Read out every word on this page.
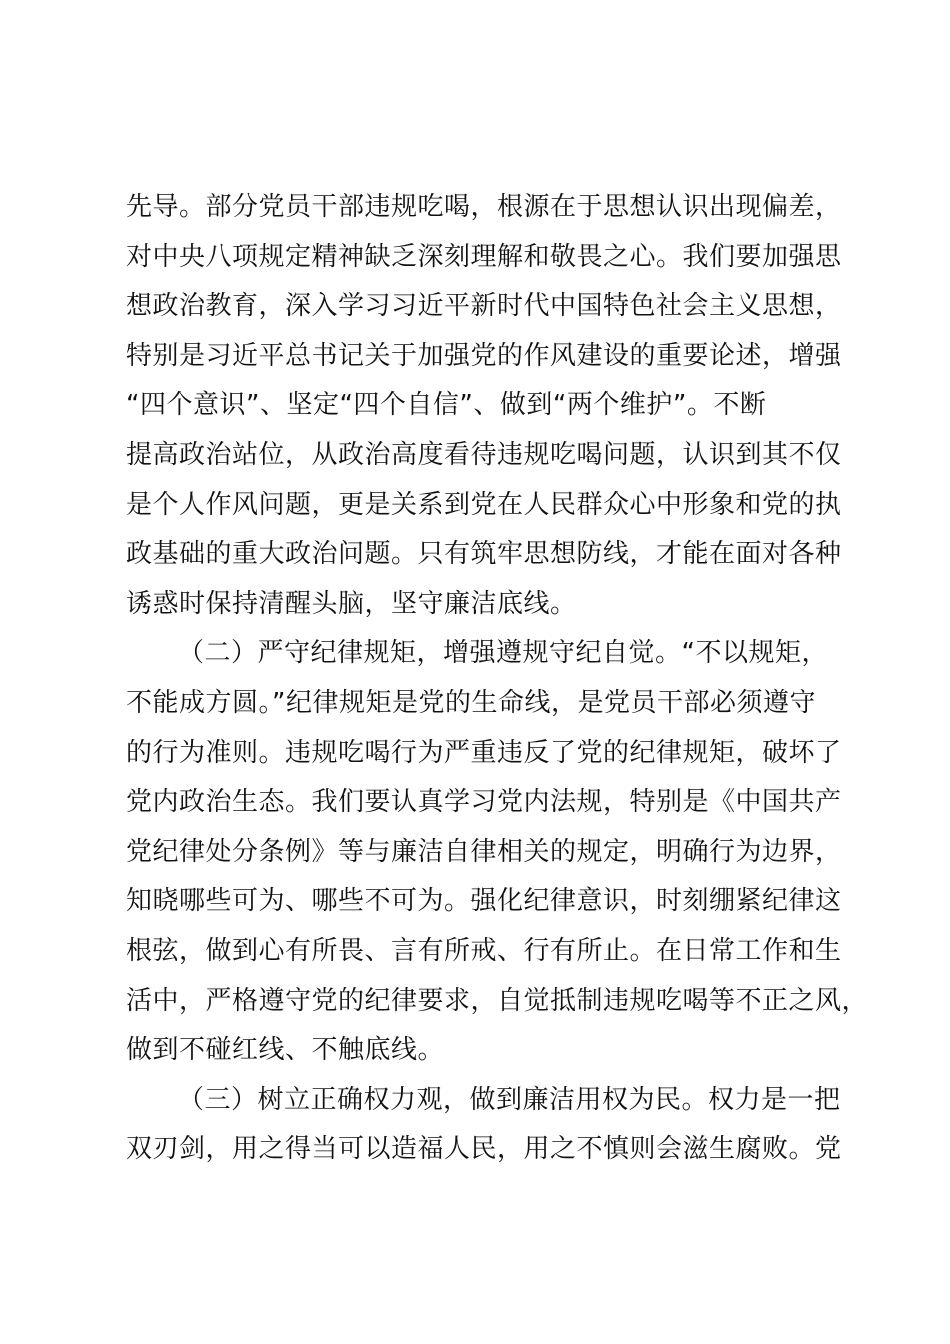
先导。部分党员干部违规吃喝，根源在于思想认识出现偏差，
对中央八项规定精神缺乏深刻理解和敬畏之心。我们要加强思
想政治教育，深入学习习近平新时代中国特色社会主义思想，
特别是习近平总书记关于加强党的作风建设的重要论述，增强
“四个意识”、坚定“四个自信”、做到“两个维护”。不断
提高政治站位，从政治高度看待违规吃喝问题，认识到其不仅
是个人作风问题，更是关系到党在人民群众心中形象和党的执
政基础的重大政治问题。只有筑牢思想防线，才能在面对各种
诱惑时保持清醒头脑，坚守廉洁底线。
（二）严守纪律规矩，增强遵规守纪自觉。“不以规矩，
不能成方圆。”纪律规矩是党的生命线，是党员干部必须遵守
的行为准则。违规吃喝行为严重违反了党的纪律规矩，破坏了
党内政治生态。我们要认真学习党内法规，特别是《中国共产
党纪律处分条例》等与廉洁自律相关的规定，明确行为边界，
知晓哪些可为、哪些不可为。强化纪律意识，时刻绷紧纪律这
根弦，做到心有所畏、言有所戒、行有所止。在日常工作和生
活中，严格遵守党的纪律要求，自觉抵制违规吃喝等不正之风，
做到不碰红线、不触底线。
（三）树立正确权力观，做到廉洁用权为民。权力是一把
双刃剑，用之得当可以造福人民，用之不慎则会滋生腐败。党
